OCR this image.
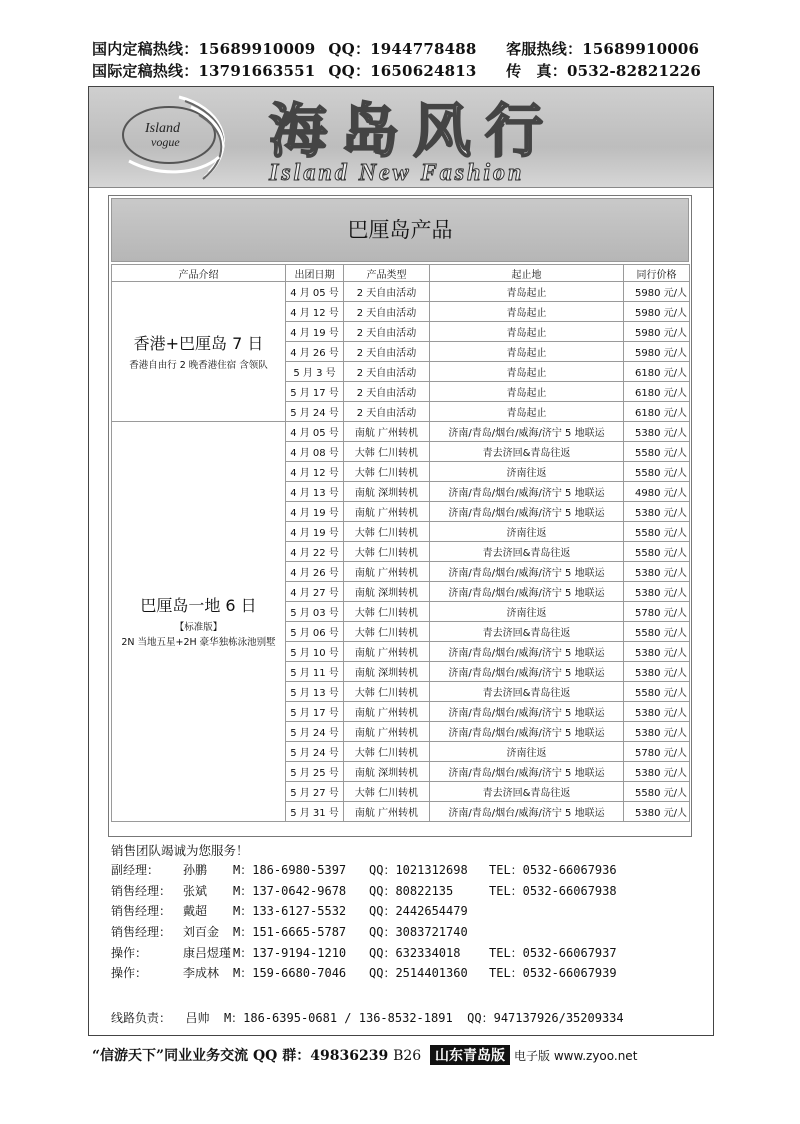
国内定稿热线：15689910009 QQ：1944778488 客服热线：15689910006
国际定稿热线：13791663551 QQ：1650624813 传　真：0532-82821226
Island
vogue 海岛风行
Island New Fashion
巴厘岛产品
产品介绍	出团日期	产品类型	起止地	同行价格

香港+巴厘岛 7 日
香港自由行 2 晚香港住宿 含领队	4 月 05 号	2 天自由活动	青岛起止	5980 元/人
	4 月 12 号	2 天自由活动	青岛起止	5980 元/人
	4 月 19 号	2 天自由活动	青岛起止	5980 元/人
	4 月 26 号	2 天自由活动	青岛起止	5980 元/人
	5 月 3 号	2 天自由活动	青岛起止	6180 元/人
	5 月 17 号	2 天自由活动	青岛起止	6180 元/人
	5 月 24 号	2 天自由活动	青岛起止	6180 元/人

巴厘岛一地 6 日
【标准版】
2N 当地五星+2H 豪华独栋泳池别墅	4 月 05 号	南航 广州转机	济南/青岛/烟台/威海/济宁 5 地联运	5380 元/人
	4 月 08 号	大韩 仁川转机	青去济回&青岛往返	5580 元/人
	4 月 12 号	大韩 仁川转机	济南往返	5580 元/人
	4 月 13 号	南航 深圳转机	济南/青岛/烟台/威海/济宁 5 地联运	4980 元/人
	4 月 19 号	南航 广州转机	济南/青岛/烟台/威海/济宁 5 地联运	5380 元/人
	4 月 19 号	大韩 仁川转机	济南往返	5580 元/人
	4 月 22 号	大韩 仁川转机	青去济回&青岛往返	5580 元/人
	4 月 26 号	南航 广州转机	济南/青岛/烟台/威海/济宁 5 地联运	5380 元/人
	4 月 27 号	南航 深圳转机	济南/青岛/烟台/威海/济宁 5 地联运	5380 元/人
	5 月 03 号	大韩 仁川转机	济南往返	5780 元/人
	5 月 06 号	大韩 仁川转机	青去济回&青岛往返	5580 元/人
	5 月 10 号	南航 广州转机	济南/青岛/烟台/威海/济宁 5 地联运	5380 元/人
	5 月 11 号	南航 深圳转机	济南/青岛/烟台/威海/济宁 5 地联运	5380 元/人
	5 月 13 号	大韩 仁川转机	青去济回&青岛往返	5580 元/人
	5 月 17 号	南航 广州转机	济南/青岛/烟台/威海/济宁 5 地联运	5380 元/人
	5 月 24 号	南航 广州转机	济南/青岛/烟台/威海/济宁 5 地联运	5380 元/人
	5 月 24 号	大韩 仁川转机	济南往返	5780 元/人
	5 月 25 号	南航 深圳转机	济南/青岛/烟台/威海/济宁 5 地联运	5380 元/人
	5 月 27 号	大韩 仁川转机	青去济回&青岛往返	5580 元/人
	5 月 31 号	南航 广州转机	济南/青岛/烟台/威海/济宁 5 地联运	5380 元/人
销售团队竭诚为您服务！
副经理： 孙鹏 M：186-6980-5397 QQ：1021312698 TEL：0532-66067936
销售经理： 张斌 M：137-0642-9678 QQ：80822135	TEL：0532-66067938
销售经理： 戴超 M：133-6127-5532 QQ：2442654479
销售经理： 刘百金 M：151-6665-5787 QQ：3083721740
操作：	康吕煜瑾 M：137-9194-1210 QQ：632334018 TEL：0532-66067937
操作：	李成林 M：159-6680-7046 QQ：2514401360 TEL：0532-66067939
线路负责： 吕帅 M：186-6395-0681 / 136-8532-1891 QQ：947137926/35209334
“信游天下”同业业务交流 QQ 群：49836239 B26 山东青岛版 电子版 www.zyoo.net
